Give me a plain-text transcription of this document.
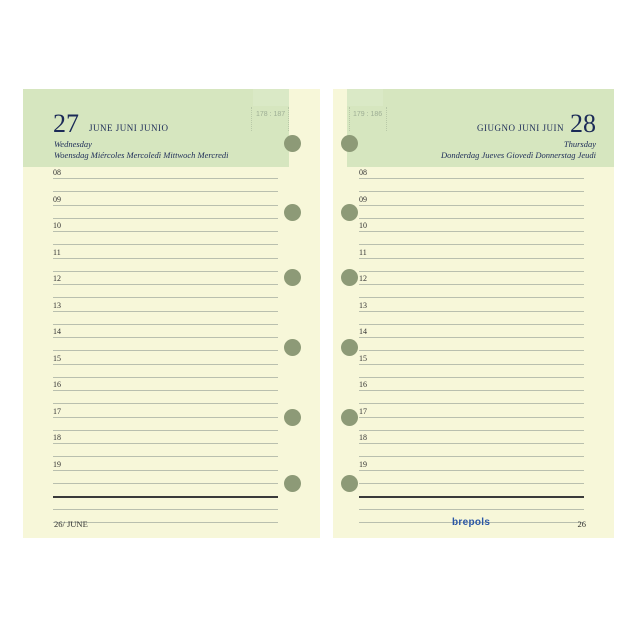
27 JUNE JUNI JUNIO
Wednesday
Woensdag Miércoles Mercoledì Mittwoch Mercredi
178 : 187
08
09
10
11
12
13
14
15
16
17
18
19
26/ JUNE
179 : 186
GIUGNO JUNI JUIN 28
Thursday
Donderdag Jueves Giovedì Donnerstag Jeudi
08
09
10
11
12
13
14
15
16
17
18
19
brepols	26
